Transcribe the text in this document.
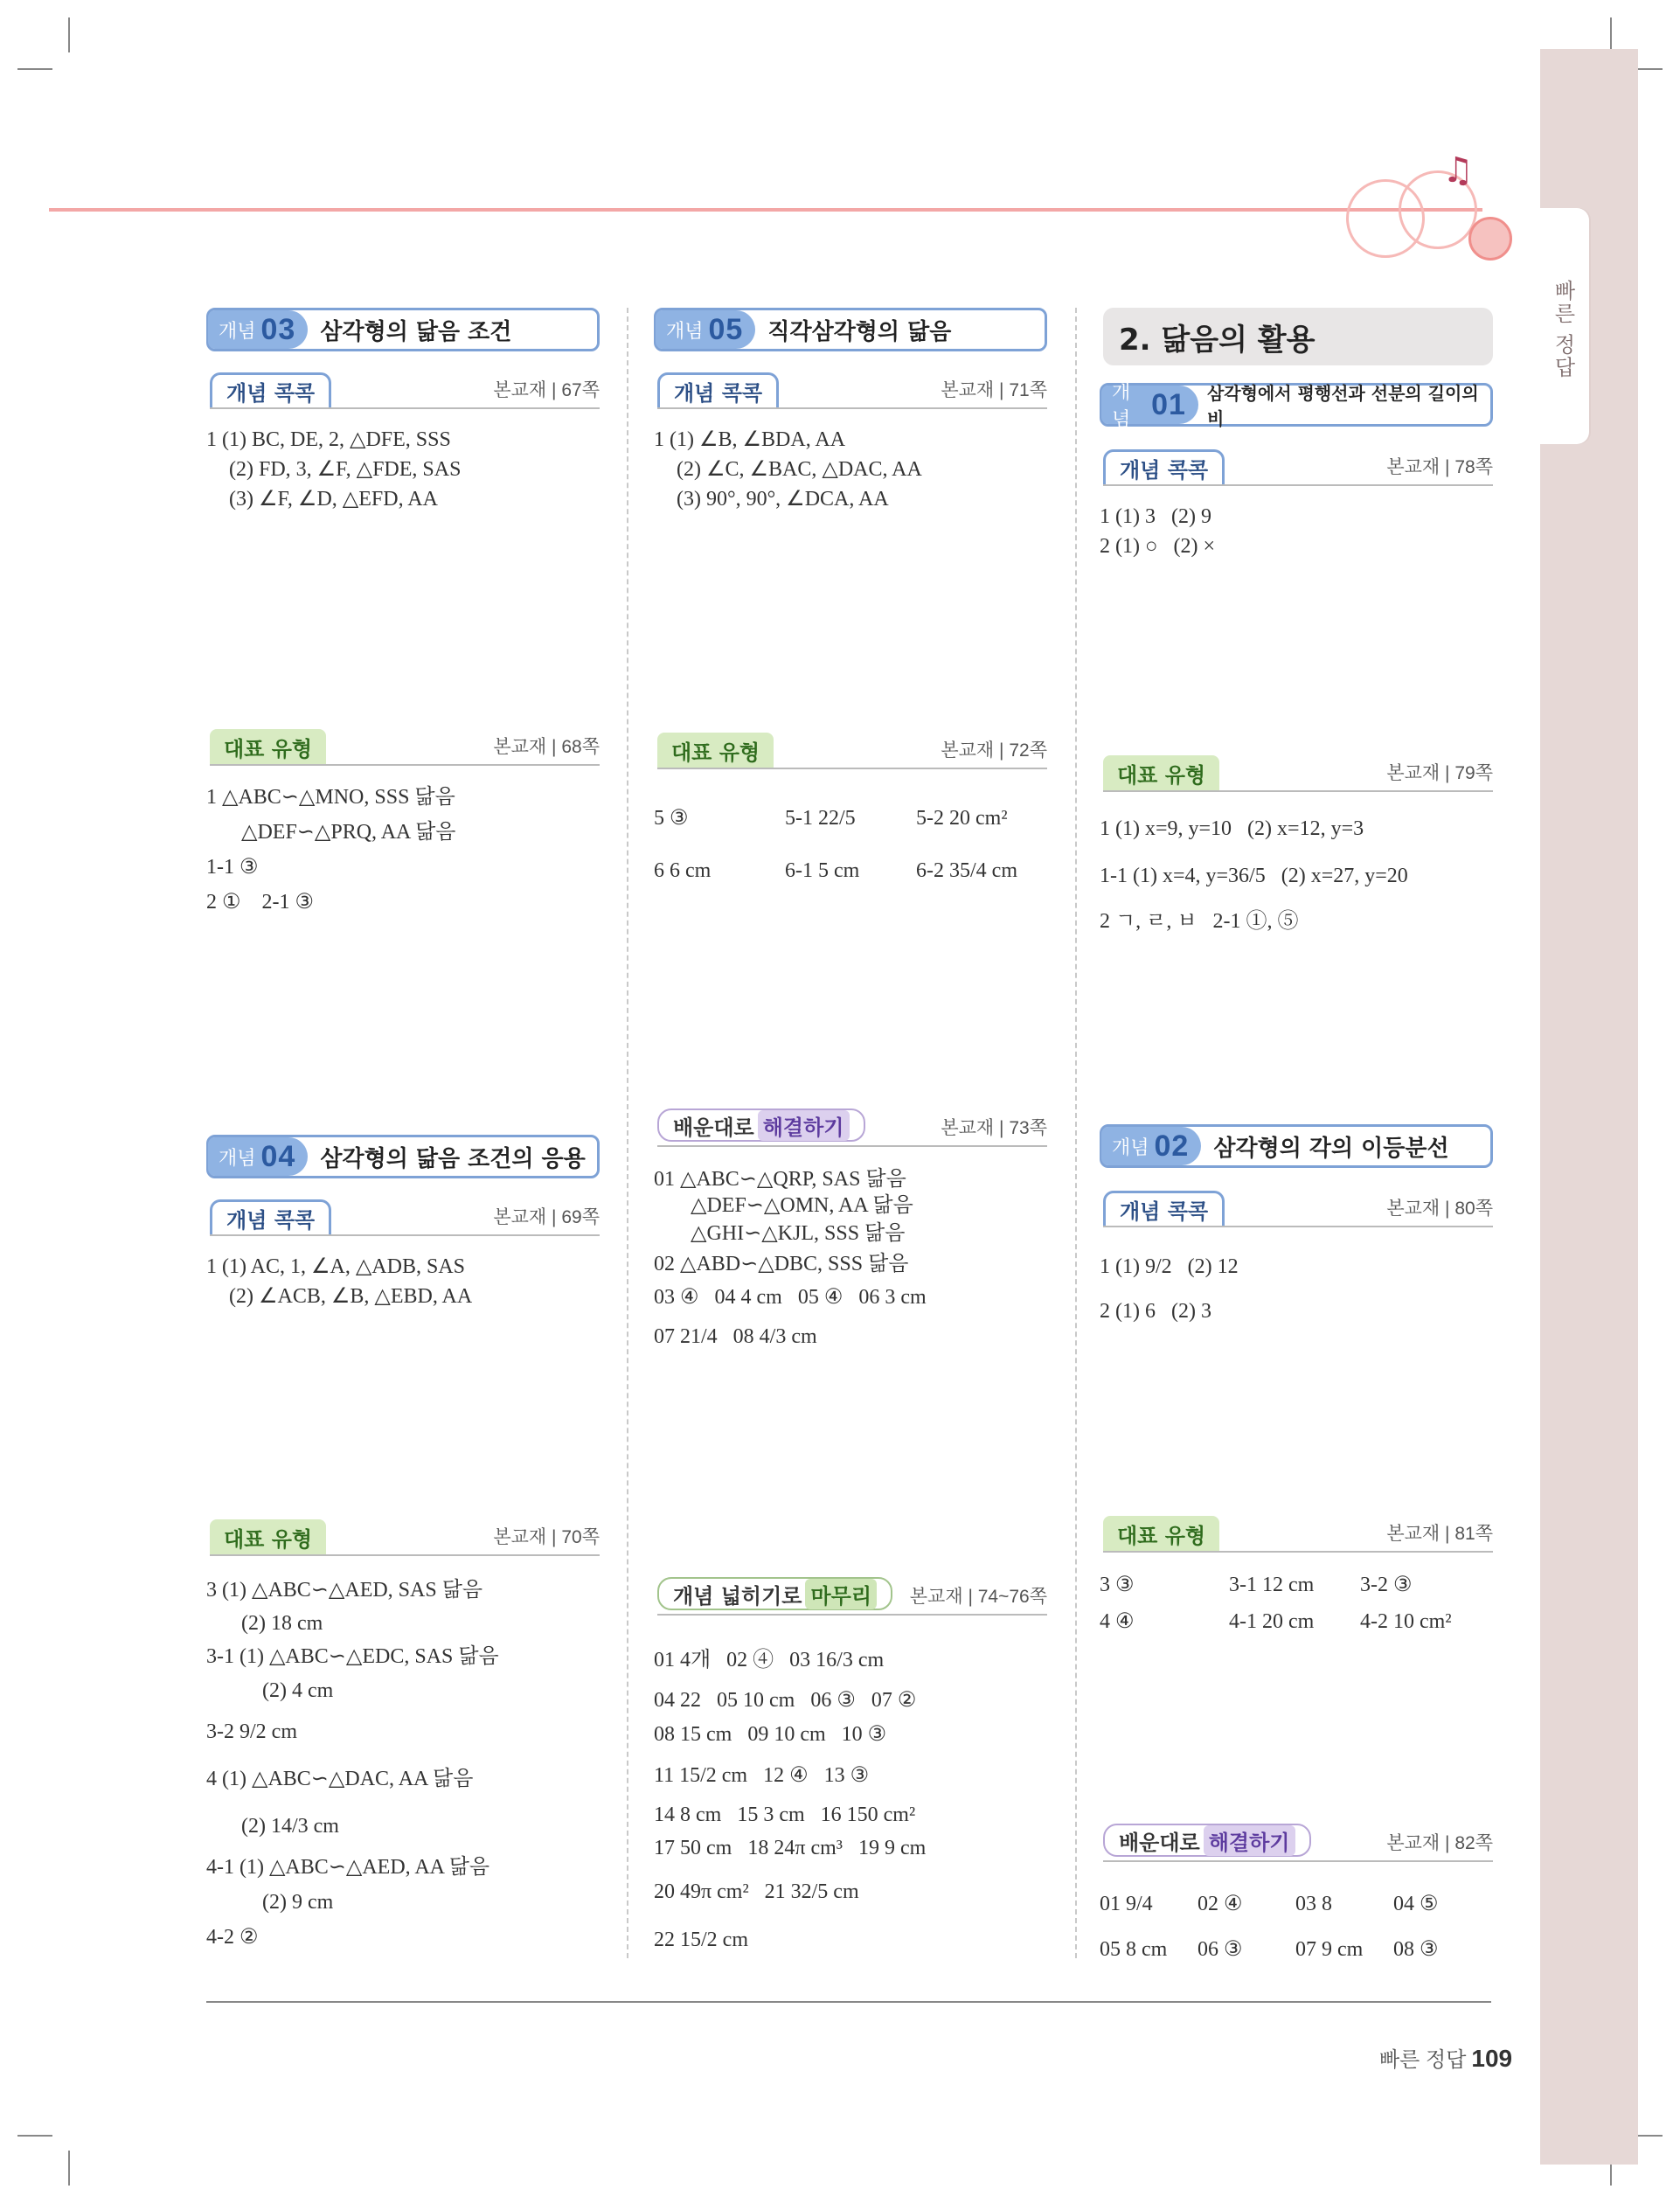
빠른 정답
♫
개념 03 삼각형의 닮음 조건
개념 콕콕	본교재 | 67쪽
1 (1) BC, DE, 2, △DFE, SSS
(2) FD, 3, ∠F, △FDE, SAS
(3) ∠F, ∠D, △EFD, AA
대표 유형	본교재 | 68쪽
1 △ABC∽△MNO, SSS 닮음
△DEF∽△PRQ, AA 닮음
1-1 ③
2 ①    2-1 ③
개념 04 삼각형의 닮음 조건의 응용
개념 콕콕	본교재 | 69쪽
1 (1) AC, 1, ∠A, △ADB, SAS
(2) ∠ACB, ∠B, △EBD, AA
대표 유형	본교재 | 70쪽
3 (1) △ABC∽△AED, SAS 닮음
(2) 18 cm
3-1 (1) △ABC∽△EDC, SAS 닮음
(2) 4 cm
3-2 9/2 cm
4 (1) △ABC∽△DAC, AA 닮음
(2) 14/3 cm
4-1 (1) △ABC∽△AED, AA 닮음
(2) 9 cm
4-2 ②
개념 05 직각삼각형의 닮음
개념 콕콕	본교재 | 71쪽
1 (1) ∠B, ∠BDA, AA
(2) ∠C, ∠BAC, △DAC, AA
(3) 90°, 90°, ∠DCA, AA
대표 유형	본교재 | 72쪽
5 ③	5-1 22/5	5-2 20 cm²
6 6 cm	6-1 5 cm	6-2 35/4 cm
배운대로 해결하기	본교재 | 73쪽
01 △ABC∽△QRP, SAS 닮음
△DEF∽△OMN, AA 닮음
△GHI∽△KJL, SSS 닮음
02 △ABD∽△DBC, SSS 닮음
03 ④   04 4 cm   05 ④   06 3 cm
07 21/4   08 4/3 cm
개념 넓히기로 마무리 본교재 | 74~76쪽
01 4개   02 ④   03 16/3 cm
04 22   05 10 cm   06 ③   07 ②
08 15 cm   09 10 cm   10 ③
11 15/2 cm   12 ④   13 ③
14 8 cm   15 3 cm   16 150 cm²
17 50 cm   18 24π cm³   19 9 cm
20 49π cm²   21 32/5 cm
22 15/2 cm
2. 닮음의 활용
개념 01 삼각형에서 평행선과 선분의 길이의 비
개념 콕콕	본교재 | 78쪽
1 (1) 3   (2) 9
2 (1) ○   (2) ×
대표 유형	본교재 | 79쪽
1 (1) x=9, y=10   (2) x=12, y=3
1-1 (1) x=4, y=36/5   (2) x=27, y=20
2 ㄱ, ㄹ, ㅂ   2-1 ①, ⑤
개념 02 삼각형의 각의 이등분선
개념 콕콕	본교재 | 80쪽
1 (1) 9/2   (2) 12
2 (1) 6   (2) 3
대표 유형	본교재 | 81쪽
3 ③	3-1 12 cm	3-2 ③
4 ④	4-1 20 cm	4-2 10 cm²
배운대로 해결하기	본교재 | 82쪽
01 9/4	02 ④	03 8	04 ⑤
05 8 cm	06 ③	07 9 cm	08 ③
빠른 정답 109
